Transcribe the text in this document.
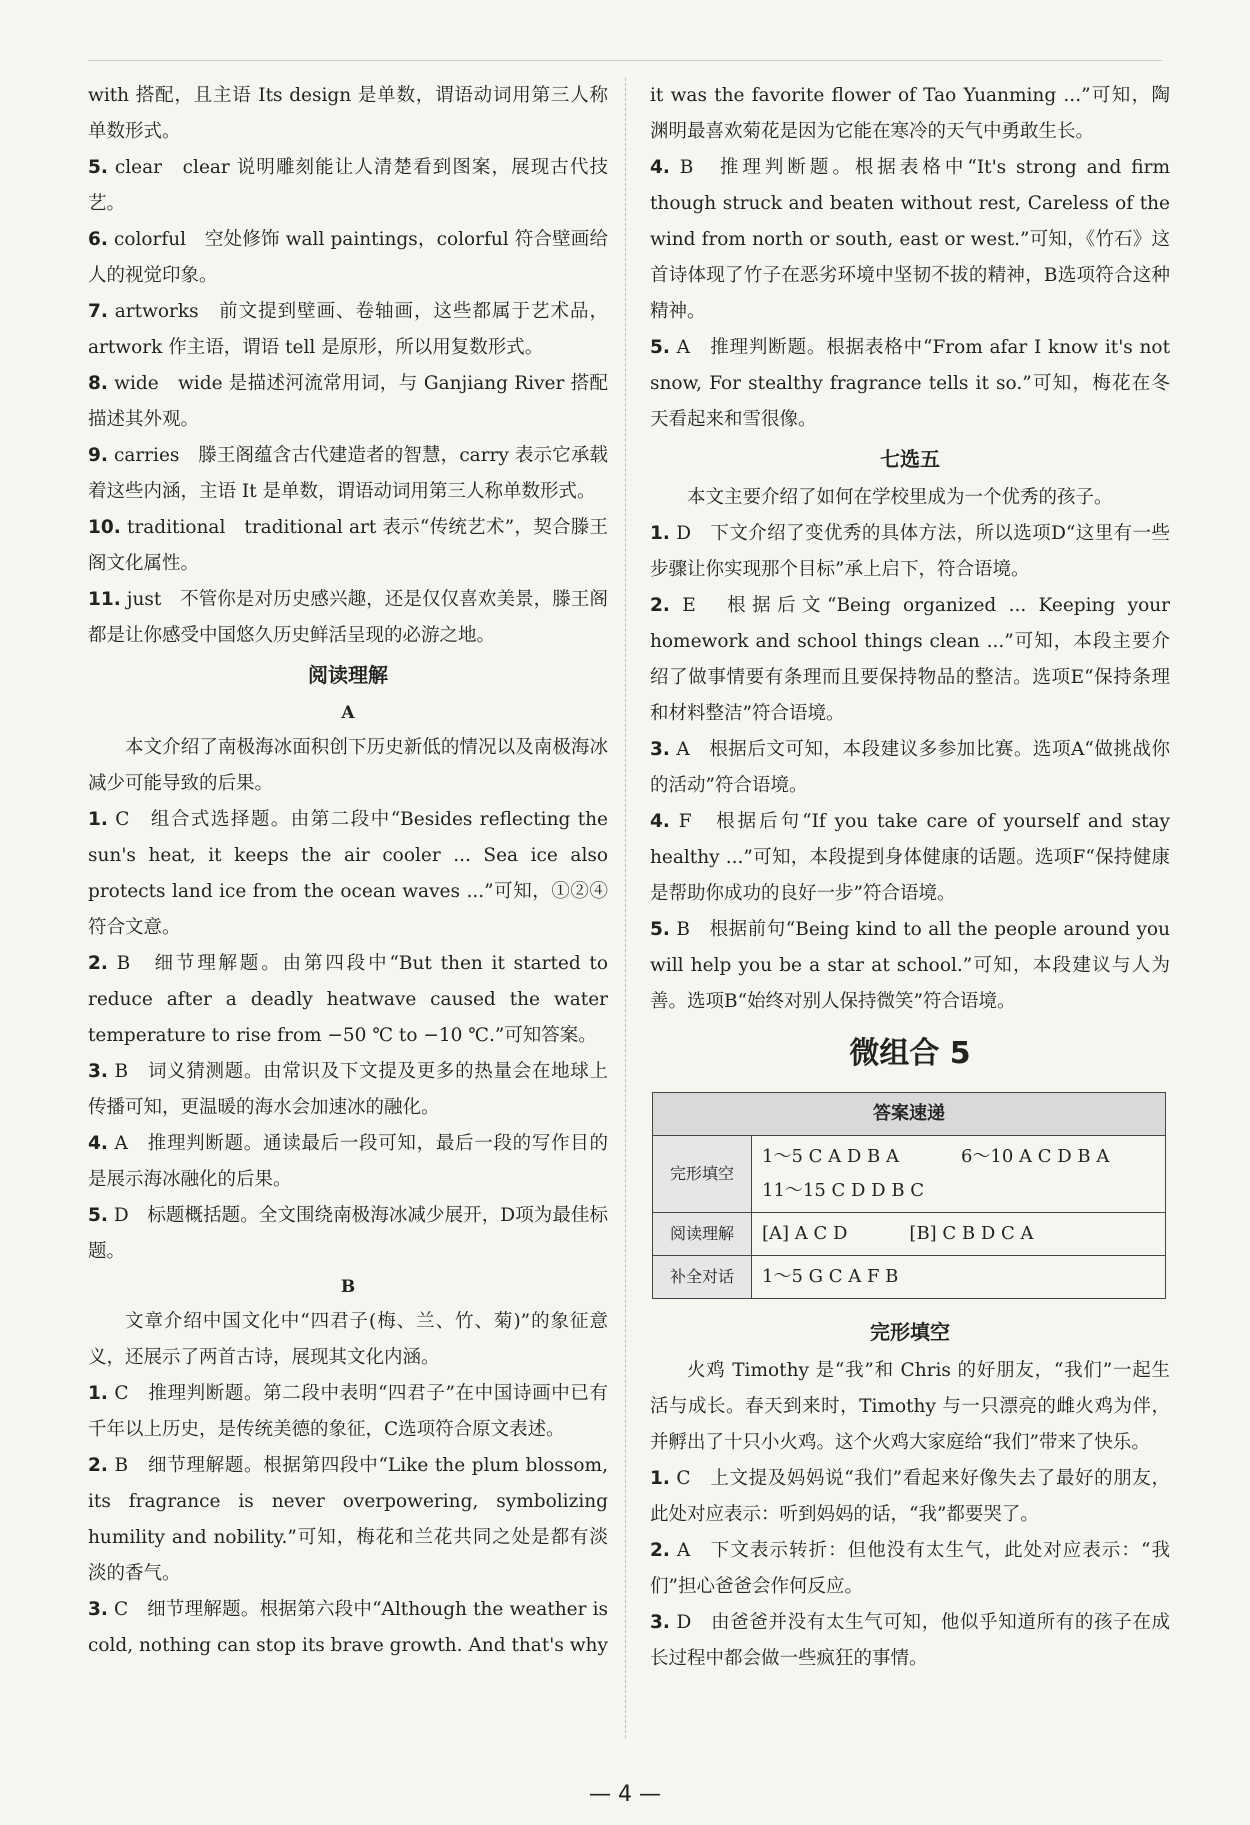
with 搭配，且主语 Its design 是单数，谓语动词用第三人称单数形式。

5. clear　clear 说明雕刻能让人清楚看到图案，展现古代技艺。

6. colorful　空处修饰 wall paintings，colorful 符合壁画给人的视觉印象。

7. artworks　前文提到壁画、卷轴画，这些都属于艺术品，artwork 作主语，谓语 tell 是原形，所以用复数形式。

8. wide　wide 是描述河流常用词，与 Ganjiang River 搭配描述其外观。

9. carries　滕王阁蕴含古代建造者的智慧，carry 表示它承载着这些内涵，主语 It 是单数，谓语动词用第三人称单数形式。

10. traditional　traditional art 表示“传统艺术”，契合滕王阁文化属性。

11. just　不管你是对历史感兴趣，还是仅仅喜欢美景，滕王阁都是让你感受中国悠久历史鲜活呈现的必游之地。

阅读理解
A

本文介绍了南极海冰面积创下历史新低的情况以及南极海冰减少可能导致的后果。

1. C　组合式选择题。由第二段中“Besides reflecting the sun's heat, it keeps the air cooler ... Sea ice also protects land ice from the ocean waves ...”可知，①②④符合文意。

2. B　细节理解题。由第四段中“But then it started to reduce after a deadly heatwave caused the water temperature to rise from −50 ℃ to −10 ℃.”可知答案。

3. B　词义猜测题。由常识及下文提及更多的热量会在地球上传播可知，更温暖的海水会加速冰的融化。

4. A　推理判断题。通读最后一段可知，最后一段的写作目的是展示海冰融化的后果。

5. D　标题概括题。全文围绕南极海冰减少展开，D项为最佳标题。

B

文章介绍中国文化中“四君子(梅、兰、竹、菊)”的象征意义，还展示了两首古诗，展现其文化内涵。

1. C　推理判断题。第二段中表明“四君子”在中国诗画中已有千年以上历史，是传统美德的象征，C选项符合原文表述。

2. B　细节理解题。根据第四段中“Like the plum blossom, its fragrance is never overpowering, symbolizing humility and nobility.”可知，梅花和兰花共同之处是都有淡淡的香气。

3. C　细节理解题。根据第六段中“Although the weather is cold, nothing can stop its brave growth. And that's why

it was the favorite flower of Tao Yuanming ...”可知，陶渊明最喜欢菊花是因为它能在寒冷的天气中勇敢生长。

4. B　推理判断题。根据表格中“It's strong and firm though struck and beaten without rest, Careless of the wind from north or south, east or west.”可知，《竹石》这首诗体现了竹子在恶劣环境中坚韧不拔的精神，B选项符合这种精神。

5. A　推理判断题。根据表格中“From afar I know it's not snow, For stealthy fragrance tells it so.”可知，梅花在冬天看起来和雪很像。

七选五

本文主要介绍了如何在学校里成为一个优秀的孩子。

1. D　下文介绍了变优秀的具体方法，所以选项D“这里有一些步骤让你实现那个目标”承上启下，符合语境。

2. E　根据后文“Being organized ... Keeping your homework and school things clean ...”可知，本段主要介绍了做事情要有条理而且要保持物品的整洁。选项E“保持条理和材料整洁”符合语境。

3. A　根据后文可知，本段建议多参加比赛。选项A“做挑战你的活动”符合语境。

4. F　根据后句“If you take care of yourself and stay healthy ...”可知，本段提到身体健康的话题。选项F“保持健康是帮助你成功的良好一步”符合语境。

5. B　根据前句“Being kind to all the people around you will help you be a star at school.”可知，本段建议与人为善。选项B“始终对别人保持微笑”符合语境。

微组合 5
答案速递	
完形填空	1～5 C A D B A 6～10 A C D B A
11～15 C D D B C
阅读理解	[A] A C D [B] C B D C A
补全对话	1～5 G C A F B
完形填空

火鸡 Timothy 是“我”和 Chris 的好朋友，“我们”一起生活与成长。春天到来时，Timothy 与一只漂亮的雌火鸡为伴，并孵出了十只小火鸡。这个火鸡大家庭给“我们”带来了快乐。

1. C　上文提及妈妈说“我们”看起来好像失去了最好的朋友，此处对应表示：听到妈妈的话，“我”都要哭了。

2. A　下文表示转折：但他没有太生气，此处对应表示：“我们”担心爸爸会作何反应。

3. D　由爸爸并没有太生气可知，他似乎知道所有的孩子在成长过程中都会做一些疯狂的事情。

— 4 —
